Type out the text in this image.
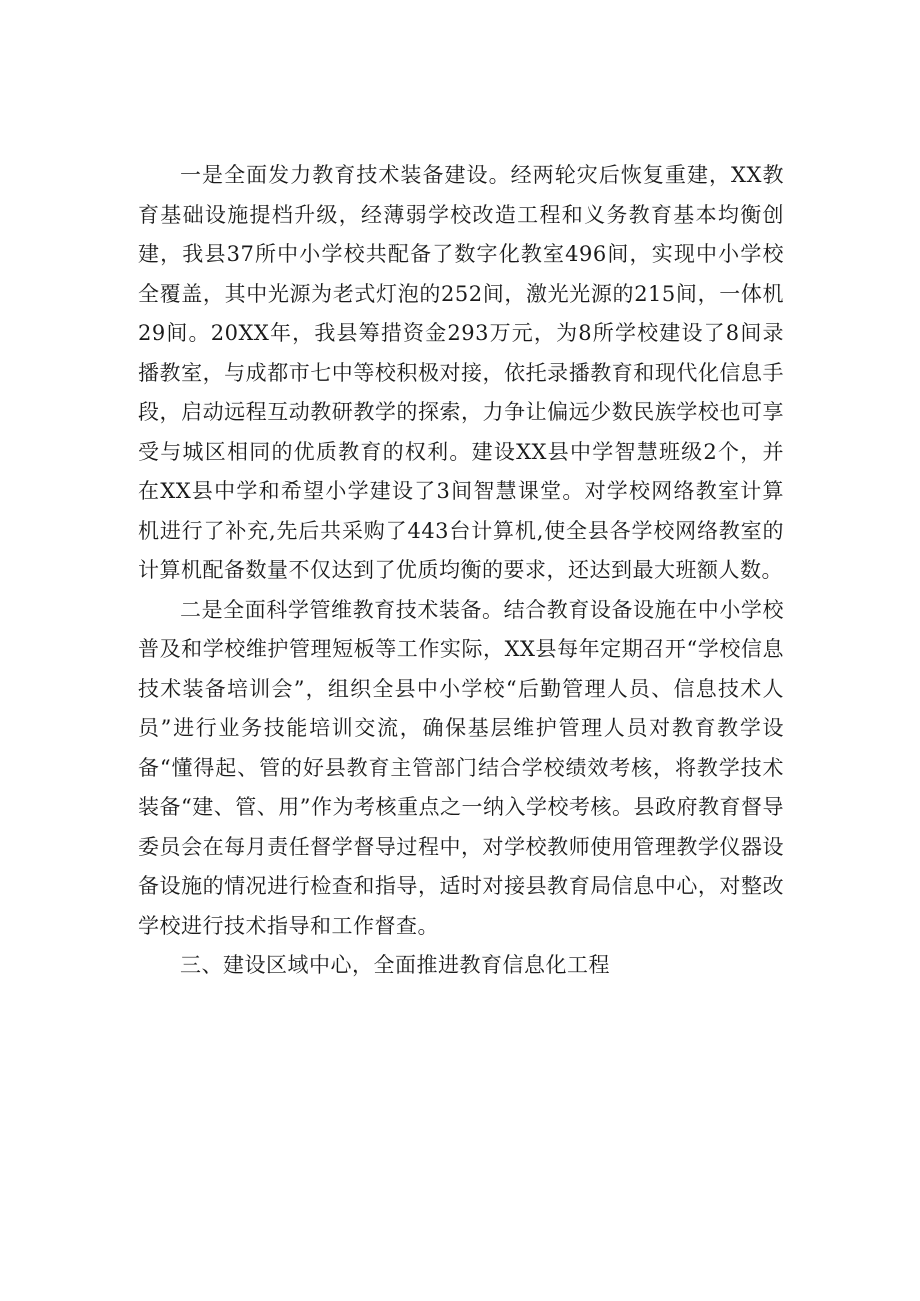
一是全面发力教育技术装备建设。经两轮灾后恢复重建，XX教育基础设施提档升级，经薄弱学校改造工程和义务教育基本均衡创建，我县37所中小学校共配备了数字化教室496间，实现中小学校全覆盖，其中光源为老式灯泡的252间，激光光源的215间，一体机29间。20XX年，我县筹措资金293万元，为8所学校建设了8间录播教室，与成都市七中等校积极对接，依托录播教育和现代化信息手段，启动远程互动教研教学的探索，力争让偏远少数民族学校也可享受与城区相同的优质教育的权利。建设XX县中学智慧班级2个，并在XX县中学和希望小学建设了3间智慧课堂。对学校网络教室计算机进行了补充,先后共采购了443台计算机,使全县各学校网络教室的计算机配备数量不仅达到了优质均衡的要求，还达到最大班额人数。

二是全面科学管维教育技术装备。结合教育设备设施在中小学校普及和学校维护管理短板等工作实际，XX县每年定期召开“学校信息技术装备培训会”，组织全县中小学校“后勤管理人员、信息技术人员”进行业务技能培训交流，确保基层维护管理人员对教育教学设备“懂得起、管的好县教育主管部门结合学校绩效考核，将教学技术装备“建、管、用”作为考核重点之一纳入学校考核。县政府教育督导委员会在每月责任督学督导过程中，对学校教师使用管理教学仪器设备设施的情况进行检查和指导，适时对接县教育局信息中心，对整改学校进行技术指导和工作督查。

三、建设区域中心，全面推进教育信息化工程
